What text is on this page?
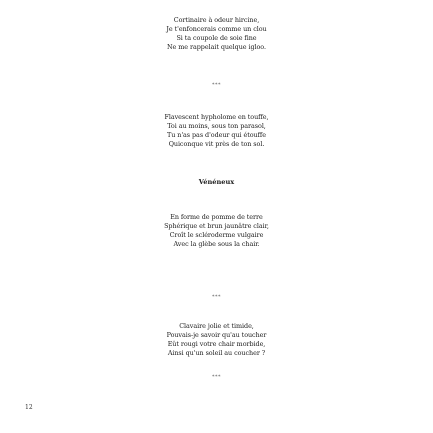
Cortinaire à odeur hircine,
Je t'enfoncerais comme un clou
Si ta coupole de soie fine
Ne me rappelait quelque igloo.
***
Flavescent hypholome en touffe,
Toi au moins, sous ton parasol,
Tu n'as pas d'odeur qui étouffe
Quiconque vit près de ton sol.
Vénéneux
En forme de pomme de terre
Sphérique et brun jaunâtre clair,
Croît le scléroderme vulgaire
Avec la glèbe sous la chair.
***
Clavaire jolie et timide,
Pouvais-je savoir qu'au toucher
Eût rougi votre chair morbide,
Ainsi qu'un soleil au coucher ?
***
12
